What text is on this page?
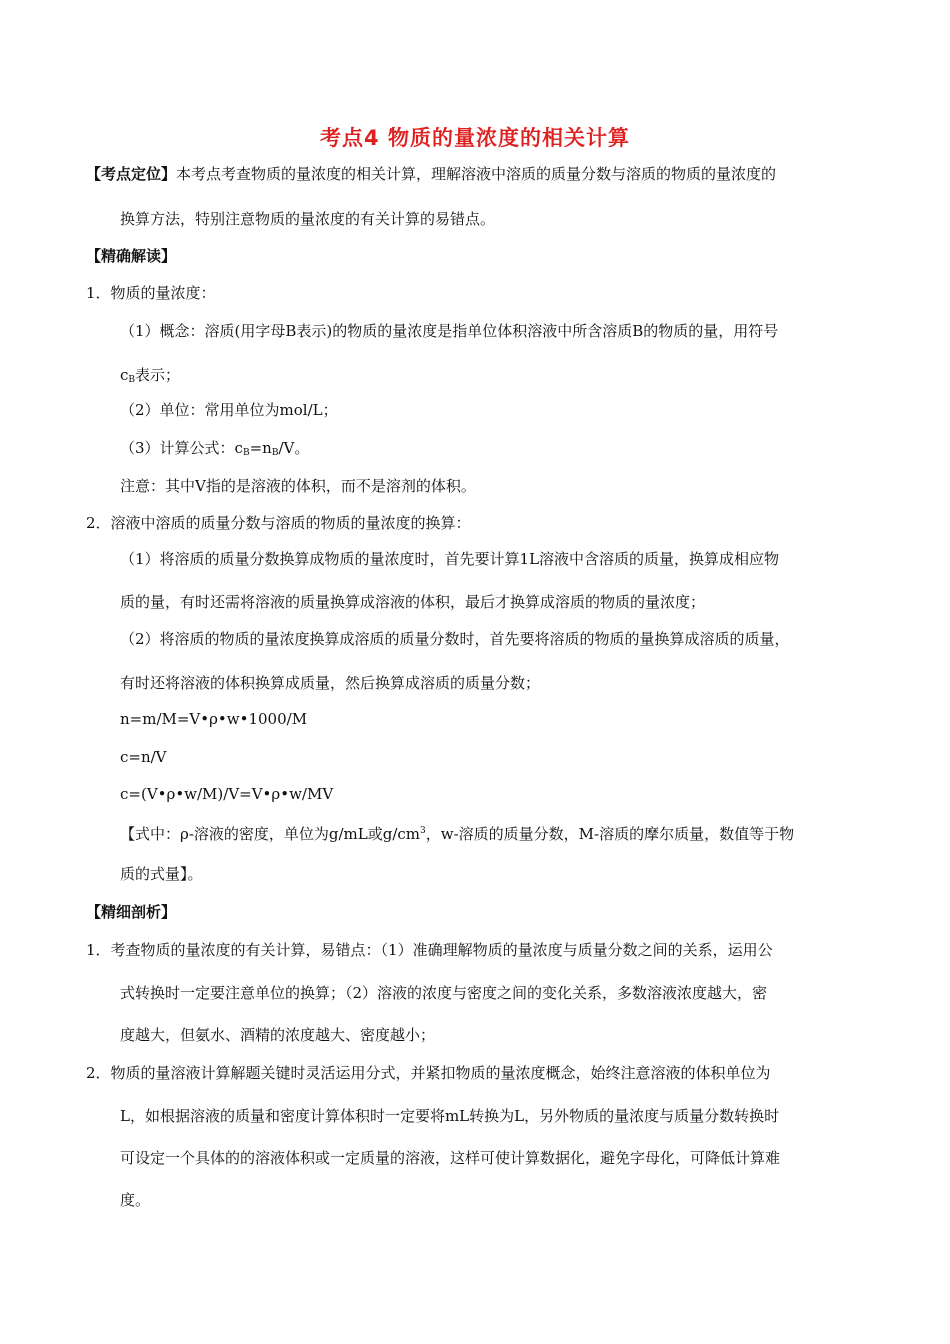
考点4 物质的量浓度的相关计算
【考点定位】本考点考查物质的量浓度的相关计算，理解溶液中溶质的质量分数与溶质的物质的量浓度的
换算方法，特别注意物质的量浓度的有关计算的易错点。
【精确解读】
1．物质的量浓度：
（1）概念：溶质(用字母B表示)的物质的量浓度是指单位体积溶液中所含溶质B的物质的量，用符号
$c_B$表示；
（2）单位：常用单位为mol/L；
（3）计算公式：$c_B=n_B/V$。
注意：其中V指的是溶液的体积，而不是溶剂的体积。
2．溶液中溶质的质量分数与溶质的物质的量浓度的换算：
（1）将溶质的质量分数换算成物质的量浓度时，首先要计算1L溶液中含溶质的质量，换算成相应物
质的量，有时还需将溶液的质量换算成溶液的体积，最后才换算成溶质的物质的量浓度；
（2）将溶质的物质的量浓度换算成溶质的质量分数时，首先要将溶质的物质的量换算成溶质的质量，
有时还将溶液的体积换算成质量，然后换算成溶质的质量分数；
n=m/M=V•ρ•w•1000/M
c=n/V
c=(V•ρ•w/M)/V=V•ρ•w/MV
【式中：ρ-溶液的密度，单位为g/mL或$g/cm^3$，w-溶质的质量分数，M-溶质的摩尔质量，数值等于物
质的式量】。
【精细剖析】
1．考查物质的量浓度的有关计算，易错点：（1）准确理解物质的量浓度与质量分数之间的关系，运用公
式转换时一定要注意单位的换算；（2）溶液的浓度与密度之间的变化关系，多数溶液浓度越大，密
度越大，但氨水、酒精的浓度越大、密度越小；
2．物质的量溶液计算解题关键时灵活运用分式，并紧扣物质的量浓度概念，始终注意溶液的体积单位为
L，如根据溶液的质量和密度计算体积时一定要将mL转换为L，另外物质的量浓度与质量分数转换时
可设定一个具体的的溶液体积或一定质量的溶液，这样可使计算数据化，避免字母化，可降低计算难
度。
